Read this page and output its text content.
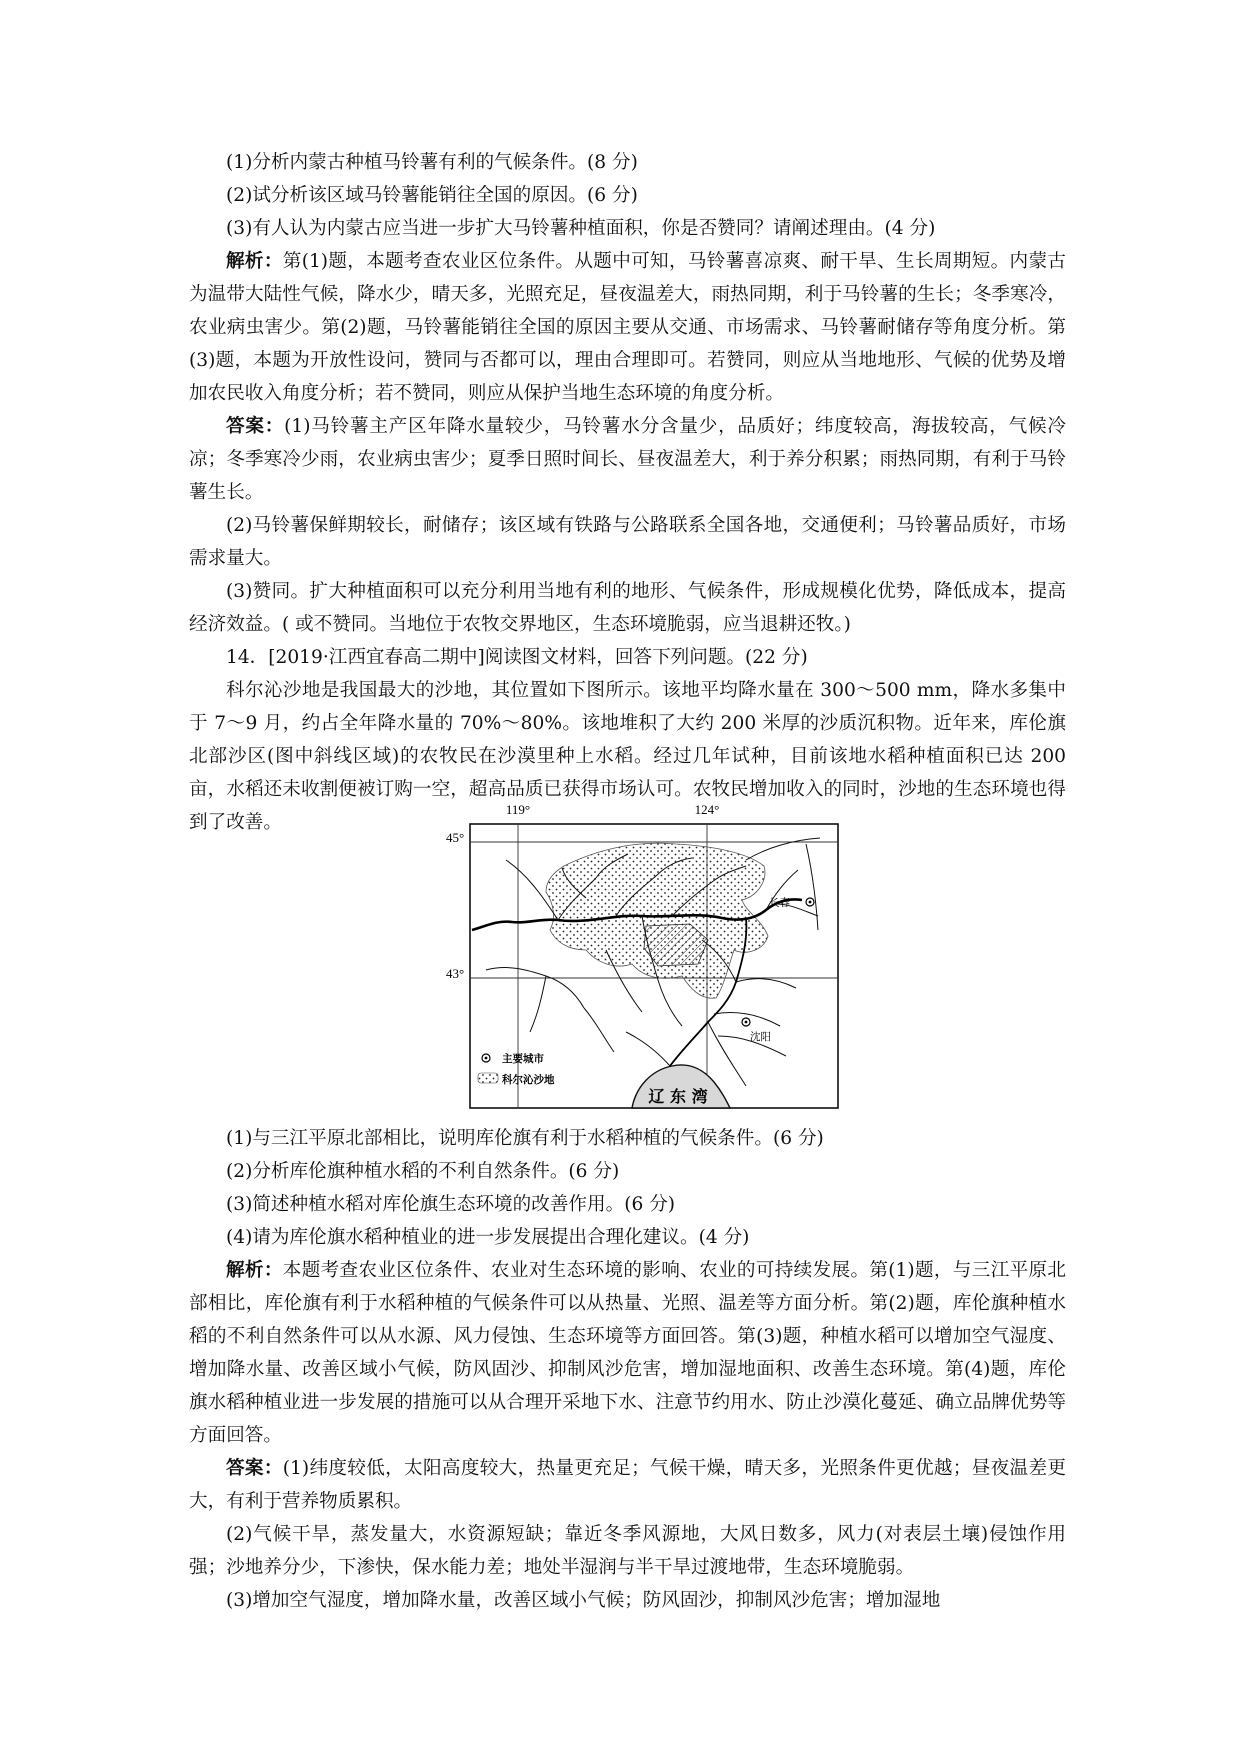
(1)分析内蒙古种植马铃薯有利的气候条件。(8 分)

(2)试分析该区域马铃薯能销往全国的原因。(6 分)

(3)有人认为内蒙古应当进一步扩大马铃薯种植面积，你是否赞同？请阐述理由。(4 分)

解析：第(1)题，本题考查农业区位条件。从题中可知，马铃薯喜凉爽、耐干旱、生长周期短。内蒙古为温带大陆性气候，降水少，晴天多，光照充足，昼夜温差大，雨热同期，利于马铃薯的生长；冬季寒冷，农业病虫害少。第(2)题，马铃薯能销往全国的原因主要从交通、市场需求、马铃薯耐储存等角度分析。第(3)题，本题为开放性设问，赞同与否都可以，理由合理即可。若赞同，则应从当地地形、气候的优势及增加农民收入角度分析；若不赞同，则应从保护当地生态环境的角度分析。

答案：(1)马铃薯主产区年降水量较少，马铃薯水分含量少，品质好；纬度较高，海拔较高，气候冷凉；冬季寒冷少雨，农业病虫害少；夏季日照时间长、昼夜温差大，利于养分积累；雨热同期，有利于马铃薯生长。

(2)马铃薯保鲜期较长，耐储存；该区域有铁路与公路联系全国各地，交通便利；马铃薯品质好，市场需求量大。

(3)赞同。扩大种植面积可以充分利用当地有利的地形、气候条件，形成规模化优势，降低成本，提高经济效益。( 或不赞同。当地位于农牧交界地区，生态环境脆弱，应当退耕还牧。)

14．[2019·江西宜春高二期中]阅读图文材料，回答下列问题。(22 分)

科尔沁沙地是我国最大的沙地，其位置如下图所示。该地平均降水量在 300～500 mm，降水多集中于 7～9 月，约占全年降水量的 70%～80%。该地堆积了大约 200 米厚的沙质沉积物。近年来，库伦旗北部沙区(图中斜线区域)的农牧民在沙漠里种上水稻。经过几年试种，目前该地水稻种植面积已达 200 亩，水稻还未收割便被订购一空，超高品质已获得市场认可。农牧民增加收入的同时，沙地的生态环境也得到了改善。

119°	124°
45°
43°
辽 东 湾
长春
沈阳
主要城市
科尔沁沙地

(1)与三江平原北部相比，说明库伦旗有利于水稻种植的气候条件。(6 分)

(2)分析库伦旗种植水稻的不利自然条件。(6 分)

(3)简述种植水稻对库伦旗生态环境的改善作用。(6 分)

(4)请为库伦旗水稻种植业的进一步发展提出合理化建议。(4 分)

解析：本题考查农业区位条件、农业对生态环境的影响、农业的可持续发展。第(1)题，与三江平原北部相比，库伦旗有利于水稻种植的气候条件可以从热量、光照、温差等方面分析。第(2)题，库伦旗种植水稻的不利自然条件可以从水源、风力侵蚀、生态环境等方面回答。第(3)题，种植水稻可以增加空气湿度、增加降水量、改善区域小气候，防风固沙、抑制风沙危害，增加湿地面积、改善生态环境。第(4)题，库伦旗水稻种植业进一步发展的措施可以从合理开采地下水、注意节约用水、防止沙漠化蔓延、确立品牌优势等方面回答。

答案：(1)纬度较低，太阳高度较大，热量更充足；气候干燥，晴天多，光照条件更优越；昼夜温差更大，有利于营养物质累积。

(2)气候干旱，蒸发量大，水资源短缺；靠近冬季风源地，大风日数多，风力(对表层土壤)侵蚀作用强；沙地养分少，下渗快，保水能力差；地处半湿润与半干旱过渡地带，生态环境脆弱。

(3)增加空气湿度，增加降水量，改善区域小气候；防风固沙，抑制风沙危害；增加湿地
